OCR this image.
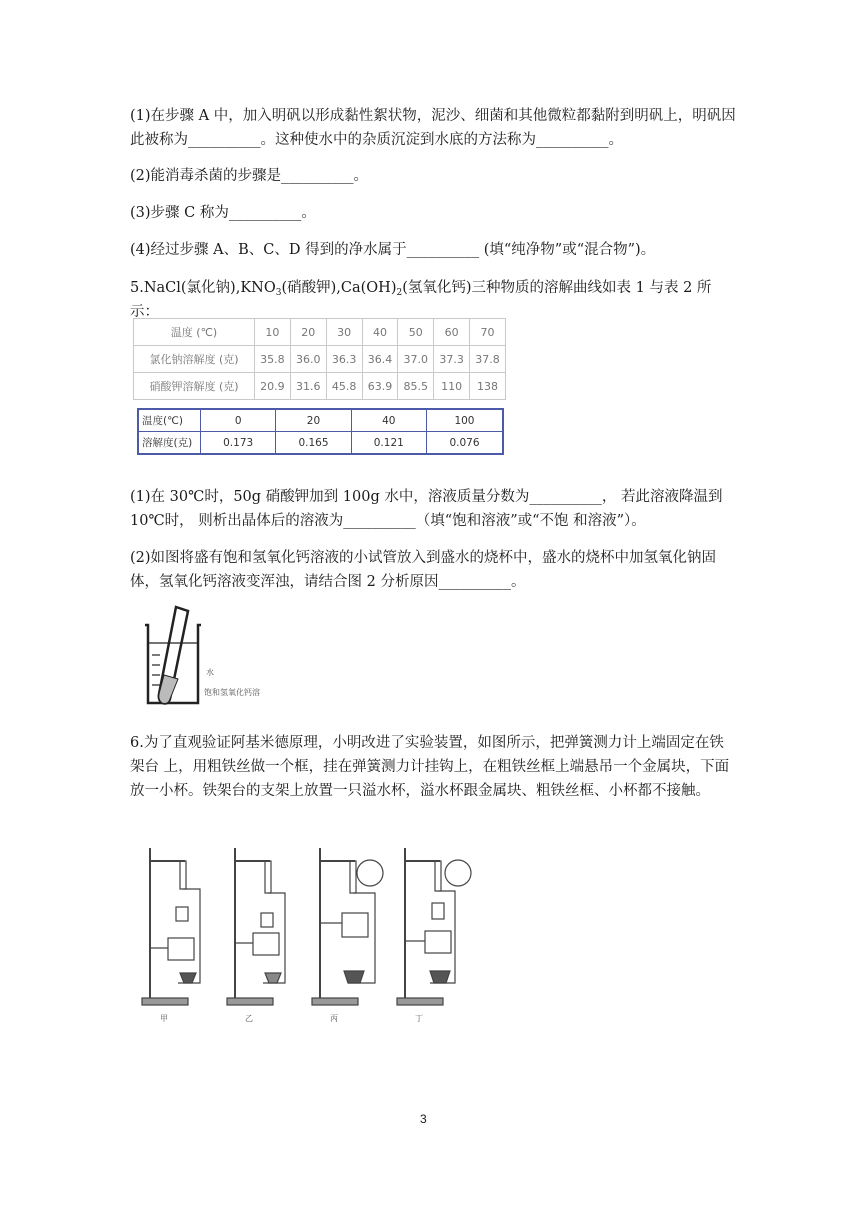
(1)在步骤 A 中，加入明矾以形成黏性絮状物，泥沙、细菌和其他微粒都黏附到明矾上，明矾因此被称为__________。这种使水中的杂质沉淀到水底的方法称为__________。

(2)能消毒杀菌的步骤是__________。

(3)步骤 C 称为__________。

(4)经过步骤 A、B、C、D 得到的净水属于__________ (填“纯净物”或“混合物”)。

5.NaCl(氯化钠)$,KNO_3$(硝酸钾)$,Ca(OH)_2$(氢氧化钙)三种物质的溶解曲线如表 1 与表 2 所示：

温度 (℃)	10	20	30	40	50	60	70
氯化钠溶解度 (克)	35.8	36.0	36.3	36.4	37.0	37.3	37.8
硝酸钾溶解度 (克)	20.9	31.6	45.8	63.9	85.5	110	138
温度(℃)	0	20	40	100
溶解度(克)	0.173	0.165	0.121	0.076

(1)在 30℃时，50g 硝酸钾加到 100g 水中，溶液质量分数为__________， 若此溶液降温到 10℃时， 则析出晶体后的溶液为__________（填“饱和溶液”或“不饱 和溶液”）。

(2)如图将盛有饱和氢氧化钙溶液的小试管放入到盛水的烧杯中，盛水的烧杯中加氢氧化钠固体，氢氧化钙溶液变浑浊，请结合图 2 分析原因__________。

水
饱和氢氧化钙溶

6.为了直观验证阿基米德原理，小明改进了实验装置，如图所示，把弹簧测力计上端固定在铁架台 上，用粗铁丝做一个框，挂在弹簧测力计挂钩上，在粗铁丝框上端悬吊一个金属块，下面放一小杯。铁架台的支架上放置一只溢水杯，溢水杯跟金属块、粗铁丝框、小杯都不接触。

甲	乙	丙	丁
3
